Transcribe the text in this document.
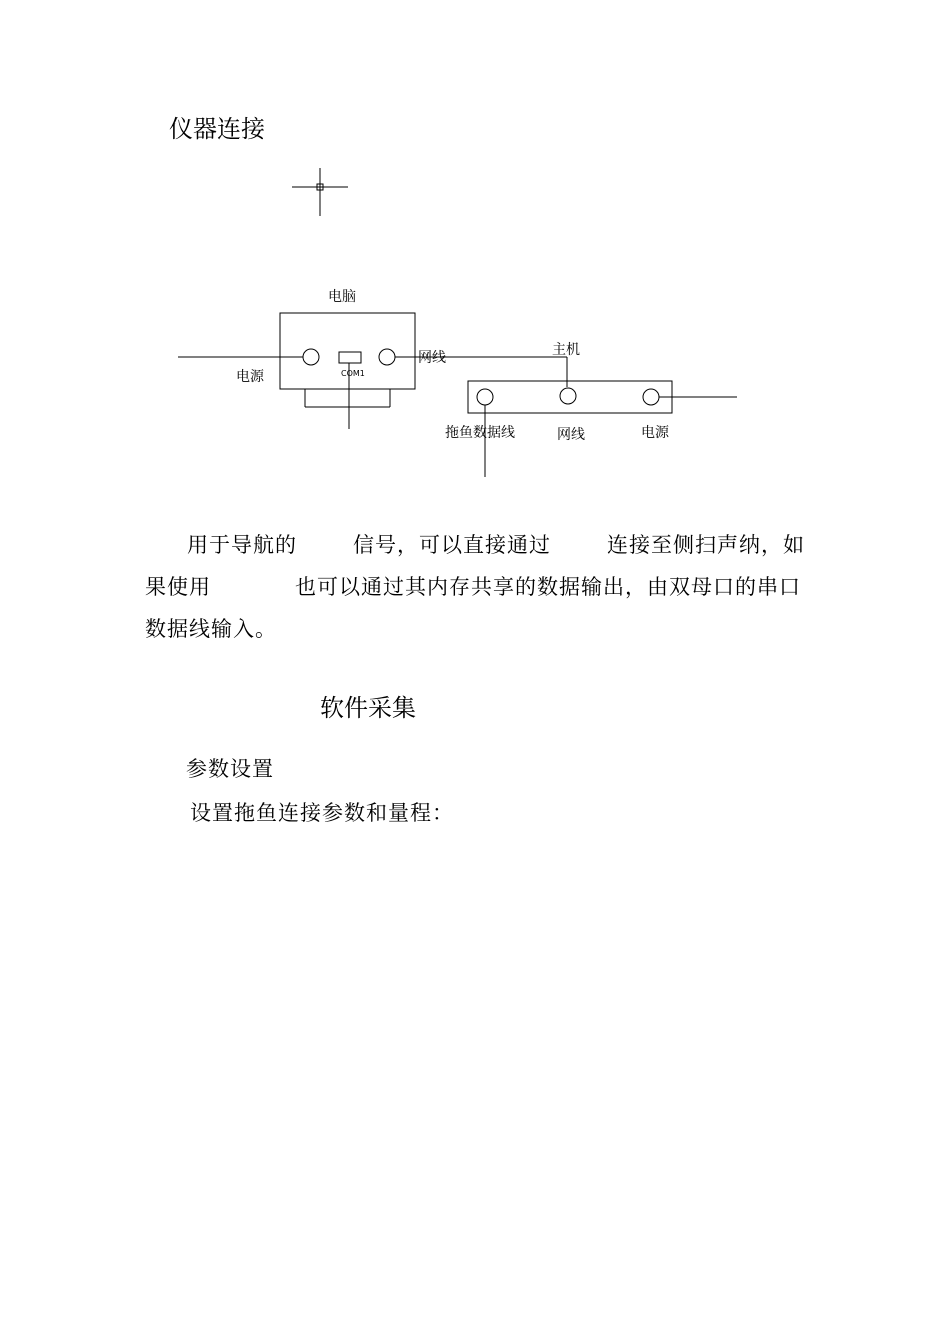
仪器连接
电脑
电源	COM1
网线	主机
拖鱼数据线	网线	电源
用于导航的	信号，可以直接通过	连接至侧扫声纳，如
果使用	也可以通过其内存共享的数据输出，由双母口的串口
数据线输入。
软件采集
参数设置
设置拖鱼连接参数和量程：
